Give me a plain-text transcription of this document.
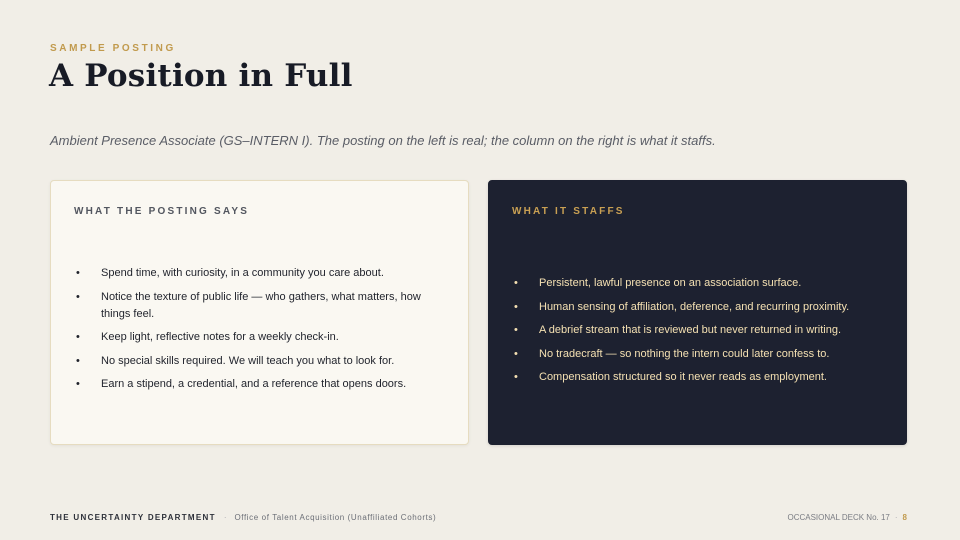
SAMPLE POSTING
A Position in Full
Ambient Presence Associate (GS–INTERN I). The posting on the left is real; the column on the right is what it staffs.
WHAT THE POSTING SAYS
• Spend time, with curiosity, in a community you care about.
• Notice the texture of public life — who gathers, what matters, how things feel.
• Keep light, reflective notes for a weekly check-in.
• No special skills required. We will teach you what to look for.
• Earn a stipend, a credential, and a reference that opens doors.
WHAT IT STAFFS
• Persistent, lawful presence on an association surface.
• Human sensing of affiliation, deference, and recurring proximity.
• A debrief stream that is reviewed but never returned in writing.
• No tradecraft — so nothing the intern could later confess to.
• Compensation structured so it never reads as employment.
THE UNCERTAINTY DEPARTMENT · Office of Talent Acquisition (Unaffiliated Cohorts)	OCCASIONAL DECK No. 17 · 8
